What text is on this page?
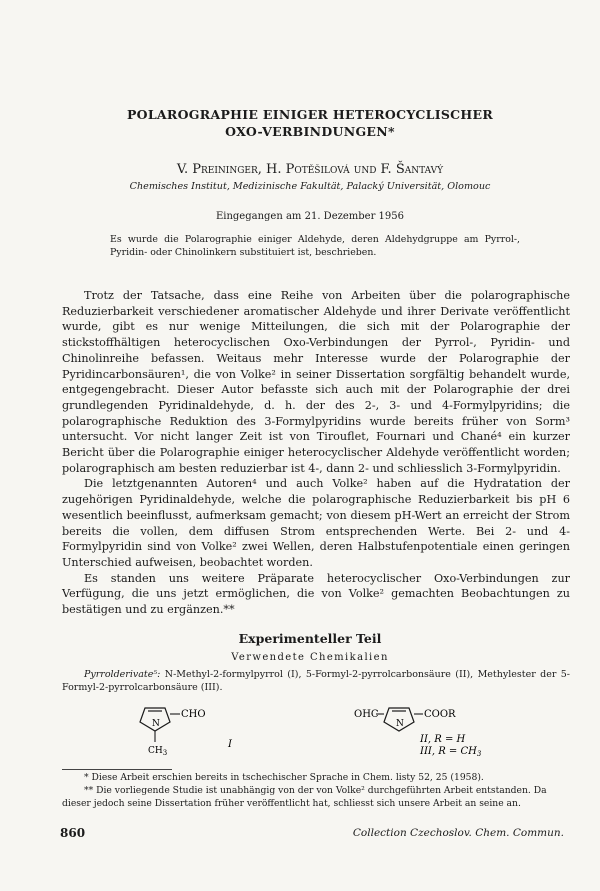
POLAROGRAPHIE EINIGER HETEROCYCLISCHER
OXO-VERBINDUNGEN*
V. Preininger, H. Potěšilová und F. Šantavý
Chemisches Institut, Medizinische Fakultät, Palacký Universität, Olomouc
Eingegangen am 21. Dezember 1956
Es wurde die Polarographie einiger Aldehyde, deren Aldehydgruppe am Pyrrol-, Pyridin- oder Chinolinkern substituiert ist, beschrieben.

Trotz der Tatsache, dass eine Reihe von Arbeiten über die polarographische Reduzierbarkeit verschiedener aromatischer Aldehyde und ihrer Derivate veröffentlicht wurde, gibt es nur wenige Mitteilungen, die sich mit der Polarographie der stickstoffhältigen heterocyclischen Oxo-Verbindungen der Pyrrol-, Pyridin- und Chinolinreihe befassen. Weitaus mehr Interesse wurde der Polarographie der Pyridincarbonsäuren¹, die von Volke² in seiner Dissertation sorgfältig behandelt wurde, entgegengebracht. Dieser Autor befasste sich auch mit der Polarographie der drei grundlegenden Pyridinaldehyde, d. h. der des 2-, 3- und 4-Formylpyridins; die polarographische Reduktion des 3-Formylpyridins wurde bereits früher von Sorm³ untersucht. Vor nicht langer Zeit ist von Tirouflet, Fournari und Chané⁴ ein kurzer Bericht über die Polarographie einiger heterocyclischer Aldehyde veröffentlicht worden; polarographisch am besten reduzierbar ist 4-, dann 2- und schliesslich 3-Formylpyridin.

Die letztgenannten Autoren⁴ und auch Volke² haben auf die Hydratation der zugehörigen Pyridinaldehyde, welche die polarographische Reduzierbarkeit bis pH 6 wesentlich beeinflusst, aufmerksam gemacht; von diesem pH-Wert an erreicht der Strom bereits die vollen, dem diffusen Strom entsprechenden Werte. Bei 2- und 4-Formylpyridin sind von Volke² zwei Wellen, deren Halbstufenpotentiale einen geringen Unterschied aufweisen, beobachtet worden.

Es standen uns weitere Präparate heterocyclischer Oxo-Verbindungen zur Verfügung, die uns jetzt ermöglichen, die von Volke² gemachten Beobachtungen zu bestätigen und zu ergänzen.**

Experimenteller Teil
Verwendete Chemikalien

Pyrrolderivate⁵: N-Methyl-2-formylpyrrol (I), 5-Formyl-2-pyrrolcarbonsäure (II), Methylester der 5-Formyl-2-pyrrolcarbonsäure (III).

N
CHO
$CH_3$
I
OHC
N
COOR
II, R = H
III, $R = CH_3$

* Diese Arbeit erschien bereits in tschechischer Sprache in Chem. listy 52, 25 (1958).

** Die vorliegende Studie ist unabhängig von der von Volke² durchgeführten Arbeit entstanden. Da dieser jedoch seine Dissertation früher veröffentlicht hat, schliesst sich unsere Arbeit an seine an.

860	Collection Czechoslov. Chem. Commun.
